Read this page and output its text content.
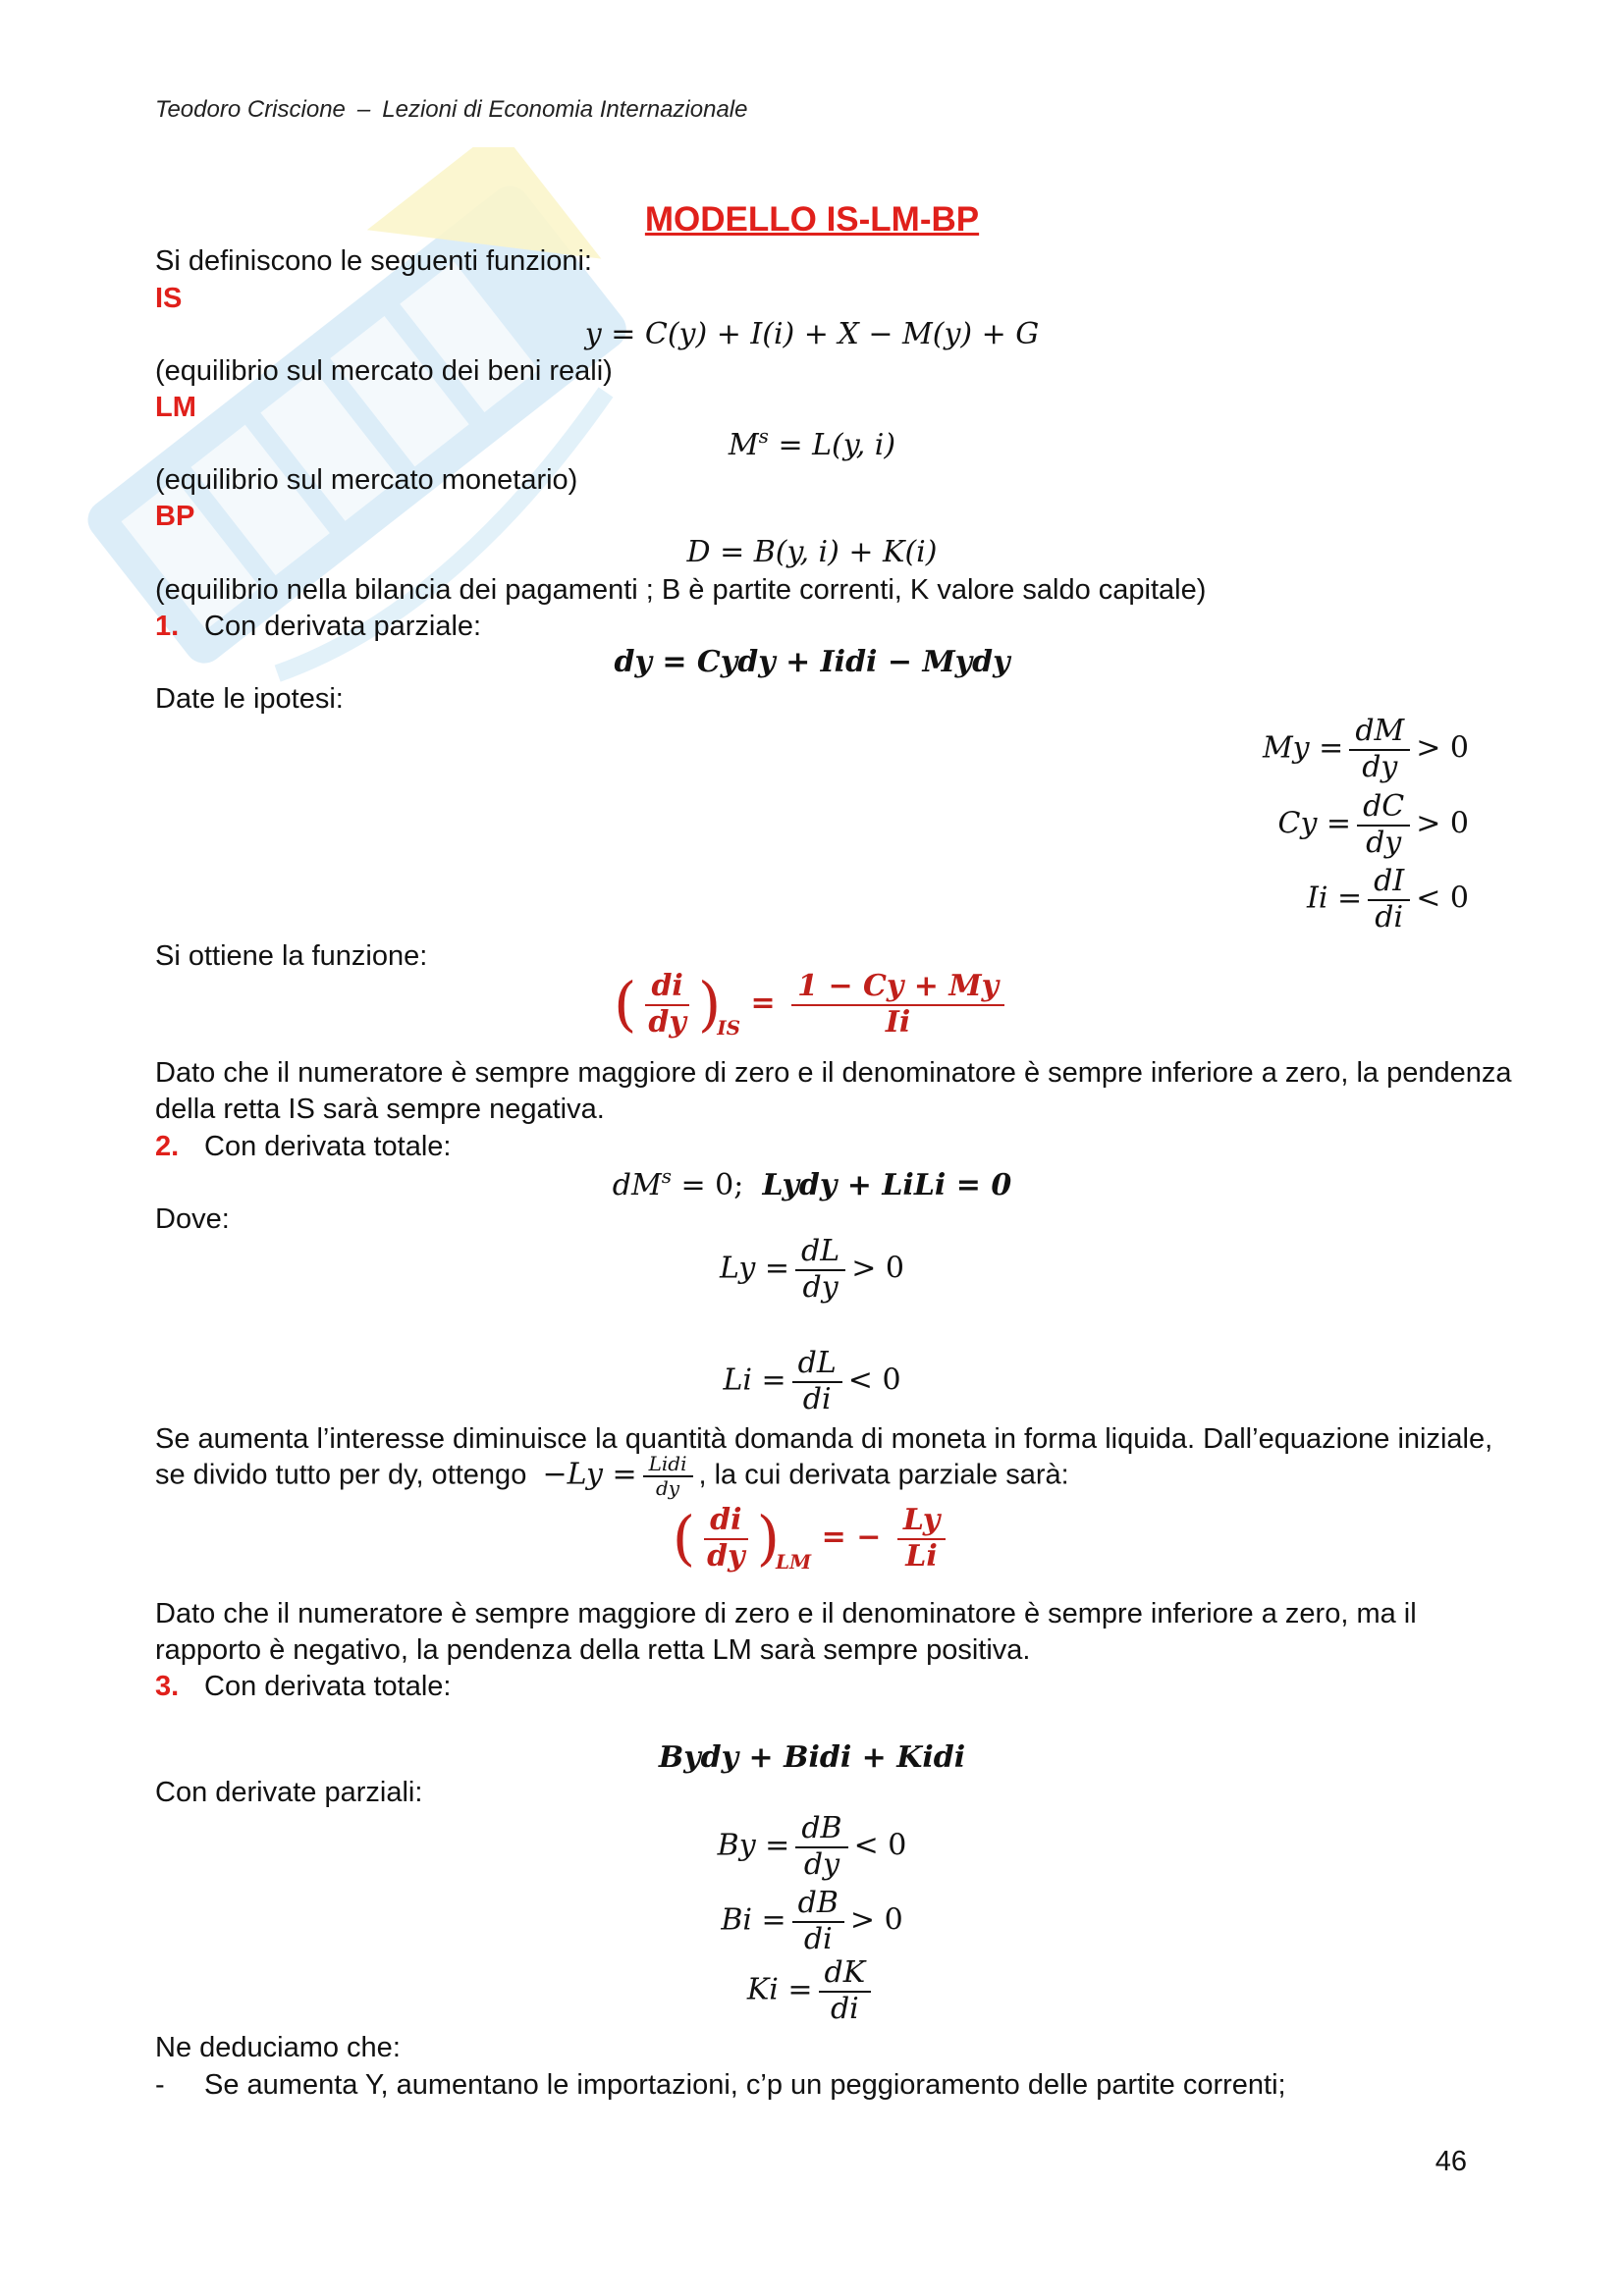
Teodoro Criscione – Lezioni di Economia Internazionale
MODELLO IS-LM-BP
Si definiscono le seguenti funzioni:
IS
y = C(y) + I(i) + X − M(y) + G
(equilibrio sul mercato dei beni reali)
LM
$M^s = L(y$, i)
(equilibrio sul mercato monetario)
BP
D = B(y, i) + K(i)
(equilibrio nella bilancia dei pagamenti ; B è partite correnti, K valore saldo capitale)
1. Con derivata parziale:
dy = Cydy + Iidi − Mydy
Date le ipotesi:
$My = \frac{dM}{dy} > 0$
$Cy = \frac{dC}{dy} > 0$
$Ii = \frac{dI}{di} < 0$
Si ottiene la funzione:
( $\frac{di}{dy} )_{IS} = \frac{1 - Cy + My}{Ii}$
Dato che il numeratore è sempre maggiore di zero e il denominatore è sempre inferiore a zero, la pendenza
della retta IS sarà sempre negativa.
2. Con derivata totale:
$dM^s = 0$; Lydy + LiLi = 0
Dove:
$Ly = \frac{dL}{dy} > 0$
$Li = \frac{dL}{di} < 0$
Se aumenta l’interesse diminuisce la quantità domanda di moneta in forma liquida. Dall’equazione iniziale,
se divido tutto per dy, ottengo $-Ly = \frac{\text{Lidi}}{dy}$ , la cui derivata parziale sarà:
( $\frac{di}{dy} )_{LM}$ = − $\frac{Ly}{Li}$
Dato che il numeratore è sempre maggiore di zero e il denominatore è sempre inferiore a zero, ma il
rapporto è negativo, la pendenza della retta LM sarà sempre positiva.
3. Con derivata totale:
Bydy + Bidi + Kidi
Con derivate parziali:
$By = \frac{dB}{dy} < 0$
$Bi = \frac{dB}{di} > 0$
$Ki = \frac{dK}{di}$
Ne deduciamo che:
- Se aumenta Y, aumentano le importazioni, c’p un peggioramento delle partite correnti;
46
